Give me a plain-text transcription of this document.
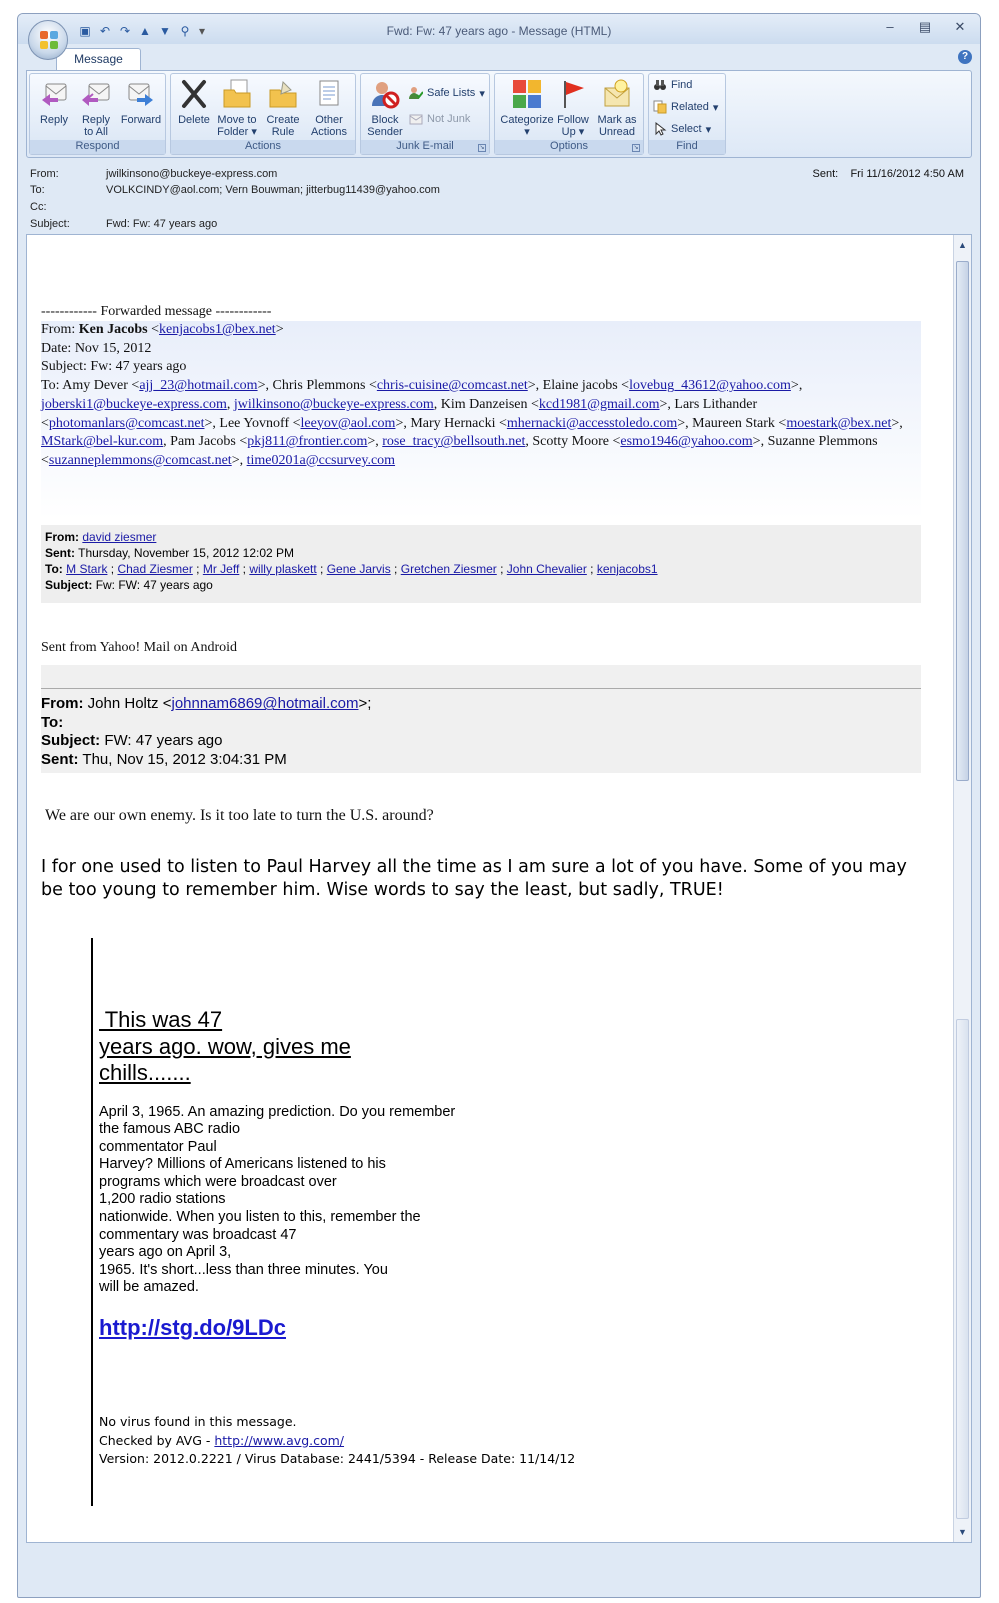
▣ ↶ ↷ ▲ ▼ ⚲ ▾	Fwd: Fw: 47 years ago - Message (HTML)	–	▤ ✕
Message	?
Reply	Reply
to All
Forward
Respond
Delete Move to
Folder ▾
Create
Rule
Other
Actions
Actions
Block
Sender
Safe Lists ▾
Not Junk
Junk E-mail	↘
Categorize
▾
Follow
Up ▾
Mark as
Unread
Options	↘
Find
Related ▾
Select ▾
Find
From:	jwilkinsono@buckeye-express.com
To:	VOLKCINDY@aol.com; Vern Bouwman; jitterbug11439@yahoo.com
Cc:
Subject:	Fwd: Fw: 47 years ago
Sent: Fri 11/16/2012 4:50 AM
------------ Forwarded message ------------
From: Ken Jacobs <kenjacobs1@bex.net>
Date: Nov 15, 2012
Subject: Fw: 47 years ago
To: Amy Dever <ajj_23@hotmail.com>, Chris Plemmons <chris-cuisine@comcast.net>, Elaine jacobs <lovebug_43612@yahoo.com>, joberski1@buckeye-express.com, jwilkinsono@buckeye-express.com, Kim Danzeisen <kcd1981@gmail.com>, Lars Lithander <photomanlars@comcast.net>, Lee Yovnoff <leeyov@aol.com>, Mary Hernacki <mhernacki@accesstoledo.com>, Maureen Stark <moestark@bex.net>, MStark@bel-kur.com, Pam Jacobs <pkj811@frontier.com>, rose_tracy@bellsouth.net, Scotty Moore <esmo1946@yahoo.com>, Suzanne Plemmons <suzanneplemmons@comcast.net>, time0201a@ccsurvey.com
From: david ziesmer
Sent: Thursday, November 15, 2012 12:02 PM
To: M Stark ; Chad Ziesmer ; Mr Jeff ; willy plaskett ; Gene Jarvis ; Gretchen Ziesmer ; John Chevalier ; kenjacobs1
Subject: Fw: FW: 47 years ago
Sent from Yahoo! Mail on Android
From: John Holtz <johnnam6869@hotmail.com>;
To:
Subject: FW: 47 years ago
Sent: Thu, Nov 15, 2012 3:04:31 PM
We are our own enemy. Is it too late to turn the U.S. around?
I for one used to listen to Paul Harvey all the time as I am sure a lot of you have. Some of you may be too young to remember him. Wise words to say the least, but sadly, TRUE!
This was 47
years ago. wow, gives me
chills.......
April 3, 1965. An amazing prediction. Do you remember
the famous ABC radio
commentator Paul
Harvey? Millions of Americans listened to his
programs which were broadcast over
1,200 radio stations
nationwide. When you listen to this, remember the
commentary was broadcast 47
years ago on April 3,
1965. It's short...less than three minutes. You
will be amazed.
http://stg.do/9LDc
No virus found in this message.
Checked by AVG - http://www.avg.com/
Version: 2012.0.2221 / Virus Database: 2441/5394 - Release Date: 11/14/12
▲
▼
